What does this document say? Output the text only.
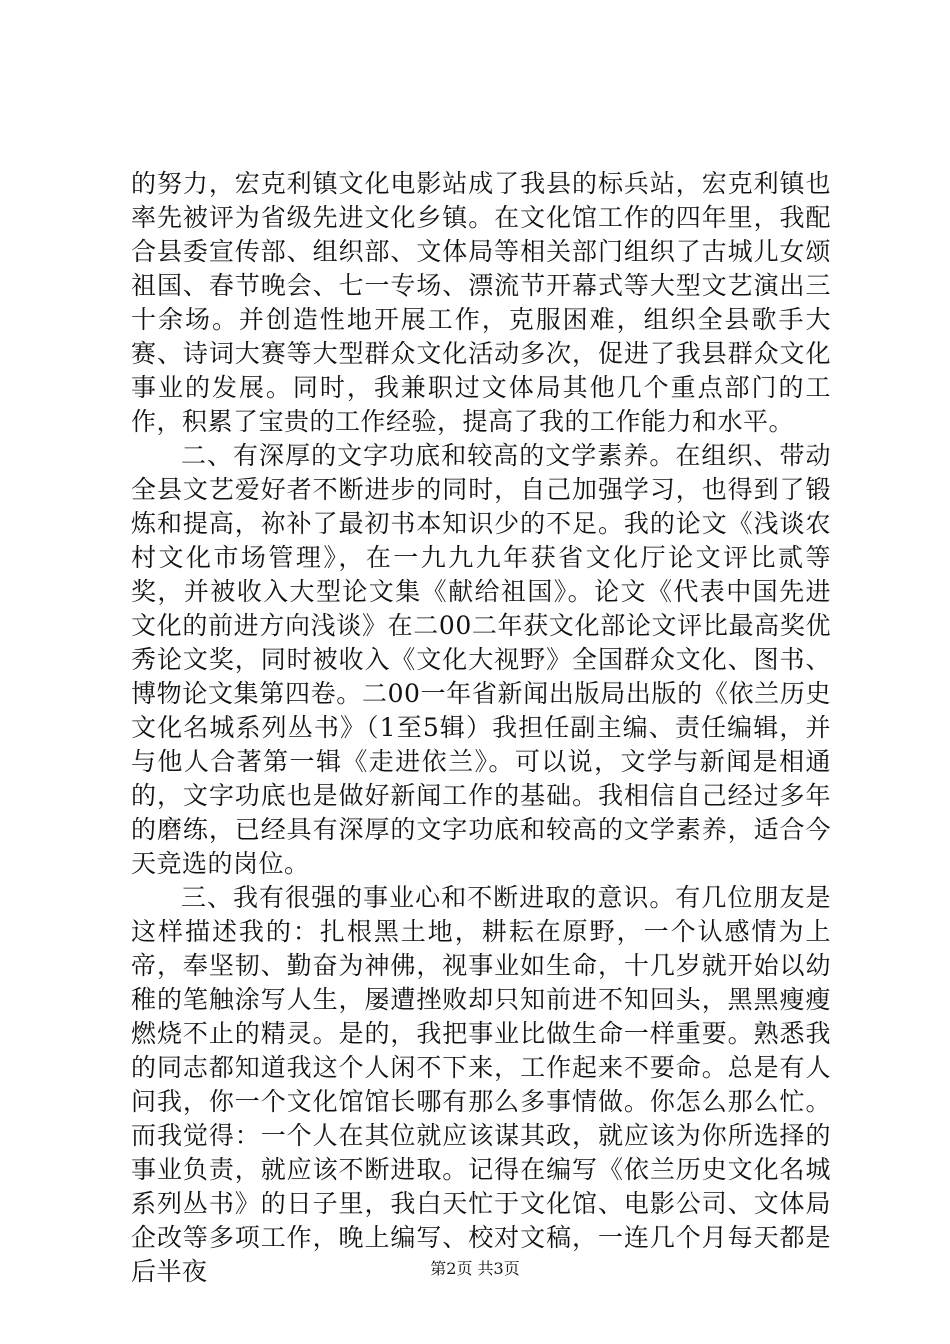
的努力，宏克利镇文化电影站成了我县的标兵站，宏克利镇也率先被评为省级先进文化乡镇。在文化馆工作的四年里，我配合县委宣传部、组织部、文体局等相关部门组织了古城儿女颂祖国、春节晚会、七一专场、漂流节开幕式等大型文艺演出三十余场。并创造性地开展工作，克服困难，组织全县歌手大赛、诗词大赛等大型群众文化活动多次，促进了我县群众文化事业的发展。同时，我兼职过文体局其他几个重点部门的工作，积累了宝贵的工作经验，提高了我的工作能力和水平。

二、有深厚的文字功底和较高的文学素养。在组织、带动全县文艺爱好者不断进步的同时，自己加强学习，也得到了锻炼和提高，祢补了最初书本知识少的不足。我的论文《浅谈农村文化市场管理》，在一九九九年获省文化厅论文评比贰等奖，并被收入大型论文集《献给祖国》。论文《代表中国先进文化的前进方向浅谈》在二00二年获文化部论文评比最高奖优秀论文奖，同时被收入《文化大视野》全国群众文化、图书、博物论文集第四卷。二00一年省新闻出版局出版的《依兰历史文化名城系列丛书》（1至5辑）我担任副主编、责任编辑，并与他人合著第一辑《走进依兰》。可以说，文学与新闻是相通的，文字功底也是做好新闻工作的基础。我相信自己经过多年的磨练，已经具有深厚的文字功底和较高的文学素养，适合今天竞选的岗位。

三、我有很强的事业心和不断进取的意识。有几位朋友是这样描述我的：扎根黑土地，耕耘在原野，一个认感情为上帝，奉坚韧、勤奋为神佛，视事业如生命，十几岁就开始以幼稚的笔触涂写人生，屡遭挫败却只知前进不知回头，黑黑瘦瘦燃烧不止的精灵。是的，我把事业比做生命一样重要。熟悉我的同志都知道我这个人闲不下来，工作起来不要命。总是有人问我，你一个文化馆馆长哪有那么多事情做。你怎么那么忙。而我觉得：一个人在其位就应该谋其政，就应该为你所选择的事业负责，就应该不断进取。记得在编写《依兰历史文化名城系列丛书》的日子里，我白天忙于文化馆、电影公司、文体局企改等多项工作，晚上编写、校对文稿，一连几个月每天都是后半夜	第2页 共3页
